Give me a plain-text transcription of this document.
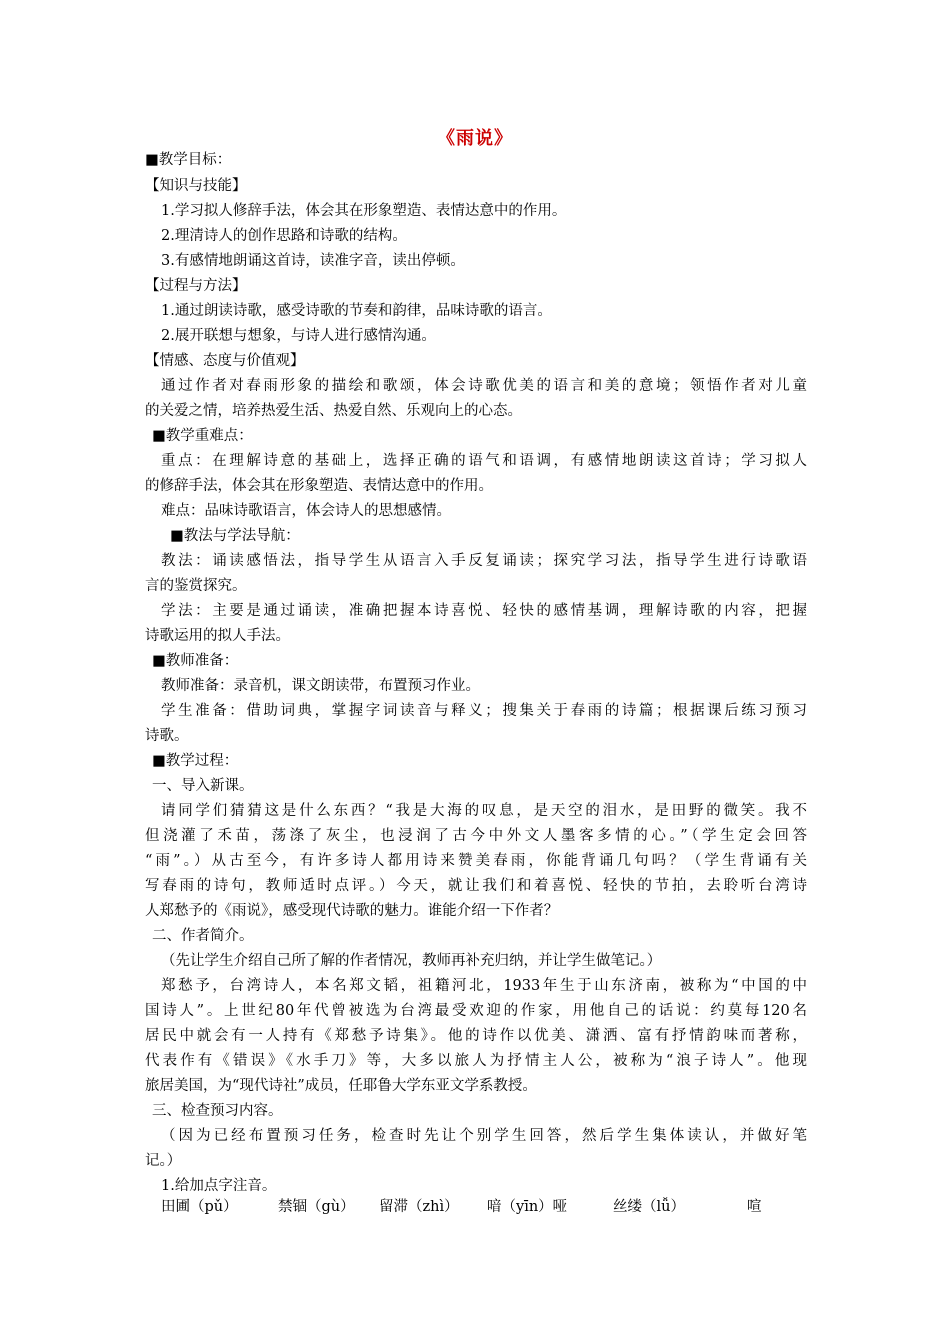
《雨说》
■教学目标：
【知识与技能】
1.学习拟人修辞手法，体会其在形象塑造、表情达意中的作用。
2.理清诗人的创作思路和诗歌的结构。
3.有感情地朗诵这首诗，读准字音，读出停顿。
【过程与方法】
1.通过朗读诗歌，感受诗歌的节奏和韵律，品味诗歌的语言。
2.展开联想与想象，与诗人进行感情沟通。
【情感、态度与价值观】
通过作者对春雨形象的描绘和歌颂，体会诗歌优美的语言和美的意境；领悟作者对儿童
的关爱之情，培养热爱生活、热爱自然、乐观向上的心态。
■教学重难点：
重点：在理解诗意的基础上，选择正确的语气和语调，有感情地朗读这首诗；学习拟人
的修辞手法，体会其在形象塑造、表情达意中的作用。
难点：品味诗歌语言，体会诗人的思想感情。
■教法与学法导航：
教法：诵读感悟法，指导学生从语言入手反复诵读；探究学习法，指导学生进行诗歌语
言的鉴赏探究。
学法：主要是通过诵读，准确把握本诗喜悦、轻快的感情基调，理解诗歌的内容，把握
诗歌运用的拟人手法。
■教师准备：
教师准备：录音机，课文朗读带，布置预习作业。
学生准备：借助词典，掌握字词读音与释义；搜集关于春雨的诗篇；根据课后练习预习
诗歌。
■教学过程：
一、导入新课。
请同学们猜猜这是什么东西？“我是大海的叹息，是天空的泪水，是田野的微笑。我不
但浇灌了禾苗，荡涤了灰尘，也浸润了古今中外文人墨客多情的心。”（学生定会回答
“雨”。）从古至今，有许多诗人都用诗来赞美春雨，你能背诵几句吗？（学生背诵有关
写春雨的诗句，教师适时点评。）今天，就让我们和着喜悦、轻快的节拍，去聆听台湾诗
人郑愁予的《雨说》，感受现代诗歌的魅力。谁能介绍一下作者？
二、作者简介。
（先让学生介绍自己所了解的作者情况，教师再补充归纳，并让学生做笔记。）
郑愁予，台湾诗人，本名郑文韬，祖籍河北，1933年生于山东济南，被称为“中国的中
国诗人”。上世纪80年代曾被选为台湾最受欢迎的作家，用他自己的话说：约莫每120名
居民中就会有一人持有《郑愁予诗集》。他的诗作以优美、潇洒、富有抒情韵味而著称，
代表作有《错误》《水手刀》等，大多以旅人为抒情主人公，被称为“浪子诗人”。他现
旅居美国，为“现代诗社”成员，任耶鲁大学东亚文学系教授。
三、检查预习内容。
（因为已经布置预习任务，检查时先让个别学生回答，然后学生集体读认，并做好笔
记。）
1.给加点字注音。
田圃（pǔ）	禁锢（gù） 留滞（zhì） 喑（yīn）哑	丝缕（lǚ）	喧
